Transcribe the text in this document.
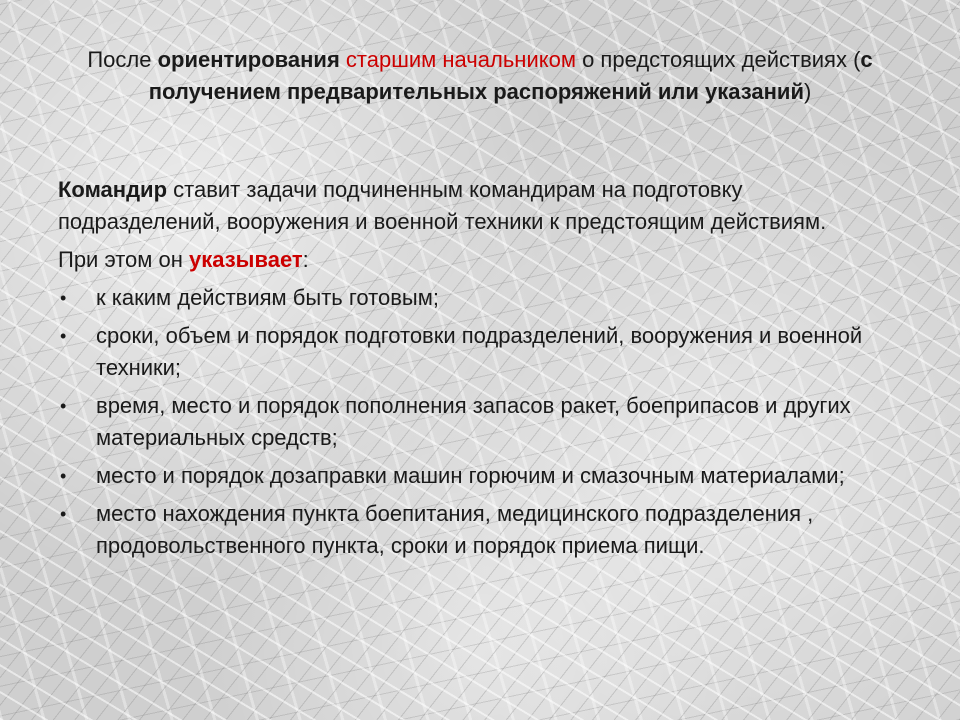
После ориентирования старшим начальником о предстоящих действиях (с получением предварительных распоряжений или указаний)

Командир ставит задачи подчиненным командирам на подготовку подразделений, вооружения и военной техники к предстоящим действиям.

При этом он указывает:

• к каким действиям быть готовым;
• сроки, объем и порядок подготовки подразделений, вооружения и военной техники;
• время, место и порядок пополнения запасов ракет, боеприпасов и других материальных средств;
• место и порядок дозаправки машин горючим и смазочным материалами;
• место нахождения пункта боепитания, медицинского подразделения , продовольственного пункта, сроки и порядок приема пищи.
